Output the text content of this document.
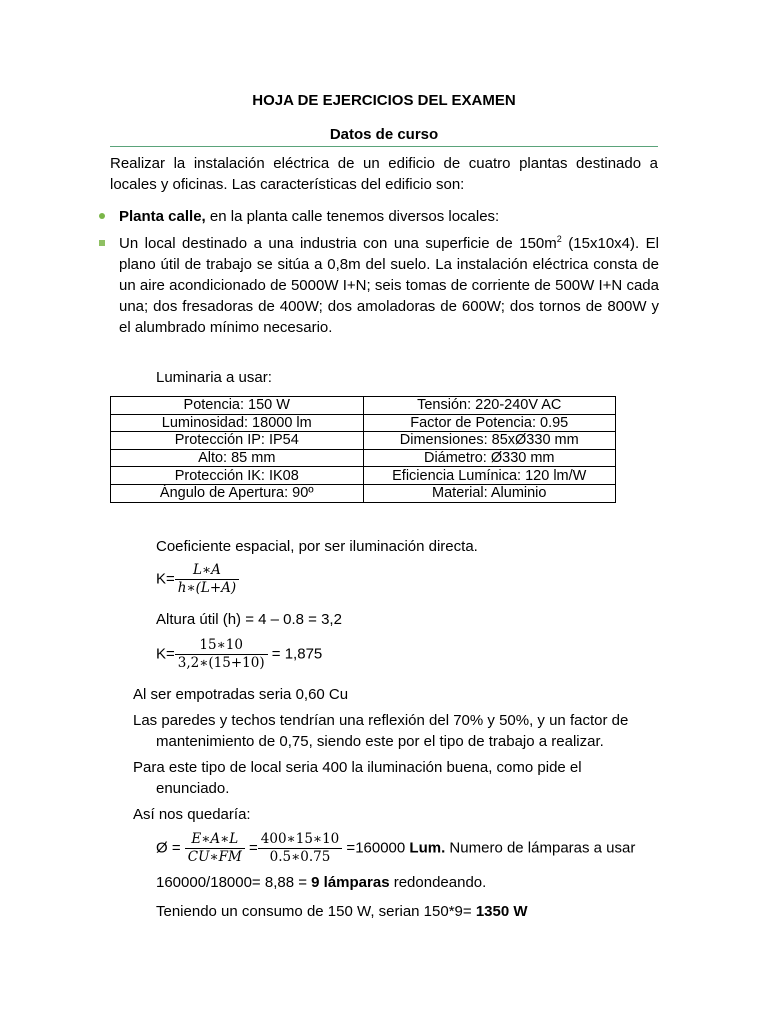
HOJA DE EJERCICIOS DEL EXAMEN
Datos de curso
Realizar la instalación eléctrica de un edificio de cuatro plantas destinado a locales y oficinas. Las características del edificio son:
Planta calle, en la planta calle tenemos diversos locales:
Un local destinado a una industria con una superficie de $150m^2$ (15x10x4). El plano útil de trabajo se sitúa a 0,8m del suelo. La instalación eléctrica consta de un aire acondicionado de 5000W I+N; seis tomas de corriente de 500W I+N cada una; dos fresadoras de 400W; dos amoladoras de 600W; dos tornos de 800W y el alumbrado mínimo necesario.
Luminaria a usar:
Potencia: 150 W	Tensión: 220-240V AC
Luminosidad: 18000 lm	Factor de Potencia: 0.95
Protección IP: IP54	Dimensiones: 85xØ330 mm
Alto: 85 mm	Diámetro: Ø330 mm
Protección IK: IK08	Eficiencia Lumínica: 120 lm/W
Ángulo de Apertura: 90º	Material: Aluminio
Coeficiente espacial, por ser iluminación directa.
$K= \frac{L∗A}{h∗(L+A)}$
Altura útil (h) = 4 – 0.8 = 3,2
$K= \frac{15∗10}{3,2∗(15+10)} = 1,875$
Al ser empotradas seria 0,60 Cu
Las paredes y techos tendrían una reflexión del 70% y 50%, y un factor de
mantenimiento de 0,75, siendo este por el tipo de trabajo a realizar.
Para este tipo de local seria 400 la iluminación buena, como pide el
enunciado.
Así nos quedaría:
Ø = $\frac{E∗A∗L}{CU∗FM} = \frac{400∗15∗10}{0.5∗0.75} =160000$ Lum. Numero de lámparas a usar
160000/18000= 8,88 = 9 lámparas redondeando.
Teniendo un consumo de 150 W, serian 150*9= 1350 W
